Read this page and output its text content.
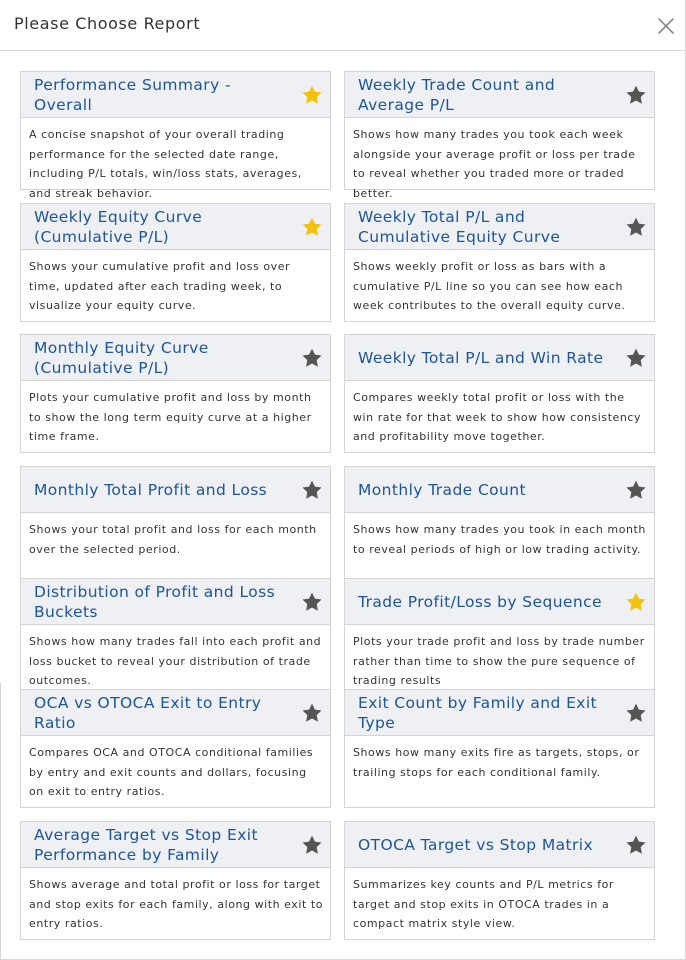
Please Choose Report
Performance Summary - Overall
A concise snapshot of your overall trading performance for the selected date range, including P/L totals, win/loss stats, averages, and streak behavior.
Weekly Trade Count and Average P/L
Shows how many trades you took each week alongside your average profit or loss per trade to reveal whether you traded more or traded better.
Weekly Equity Curve (Cumulative P/L)
Shows your cumulative profit and loss over time, updated after each trading week, to visualize your equity curve.
Weekly Total P/L and Cumulative Equity Curve
Shows weekly profit or loss as bars with a cumulative P/L line so you can see how each week contributes to the overall equity curve.
Monthly Equity Curve (Cumulative P/L)
Plots your cumulative profit and loss by month to show the long term equity curve at a higher time frame.
Weekly Total P/L and Win Rate
Compares weekly total profit or loss with the win rate for that week to show how consistency and profitability move together.
Monthly Total Profit and Loss
Shows your total profit and loss for each month over the selected period.
Monthly Trade Count
Shows how many trades you took in each month to reveal periods of high or low trading activity.
Distribution of Profit and Loss Buckets
Shows how many trades fall into each profit and loss bucket to reveal your distribution of trade outcomes.
Trade Profit/Loss by Sequence
Plots your trade profit and loss by trade number rather than time to show the pure sequence of trading results
OCA vs OTOCA Exit to Entry Ratio
Compares OCA and OTOCA conditional families by entry and exit counts and dollars, focusing on exit to entry ratios.
Exit Count by Family and Exit Type
Shows how many exits fire as targets, stops, or trailing stops for each conditional family.
Average Target vs Stop Exit Performance by Family
Shows average and total profit or loss for target and stop exits for each family, along with exit to entry ratios.
OTOCA Target vs Stop Matrix
Summarizes key counts and P/L metrics for target and stop exits in OTOCA trades in a compact matrix style view.
